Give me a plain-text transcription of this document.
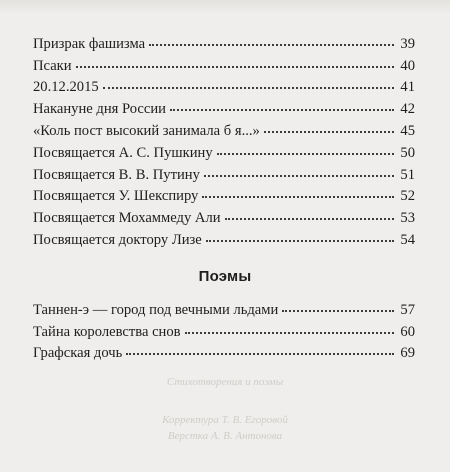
Призрак фашизма	39
Псаки	40
20.12.2015	41
Накануне дня России	42
«Коль пост высокий занимала б я...»	45
Посвящается А. С. Пушкину	50
Посвящается В. В. Путину	51
Посвящается У. Шекспиру	52
Посвящается Мохаммеду Али	53
Посвящается доктору Лизе	54
Поэмы
Таннен-э — город под вечными льдами	57
Тайна королевства снов	60
Графская дочь	69
Стихотворения и поэмы
Корректура Т. В. Егоровой
Верстка А. В. Антонова
